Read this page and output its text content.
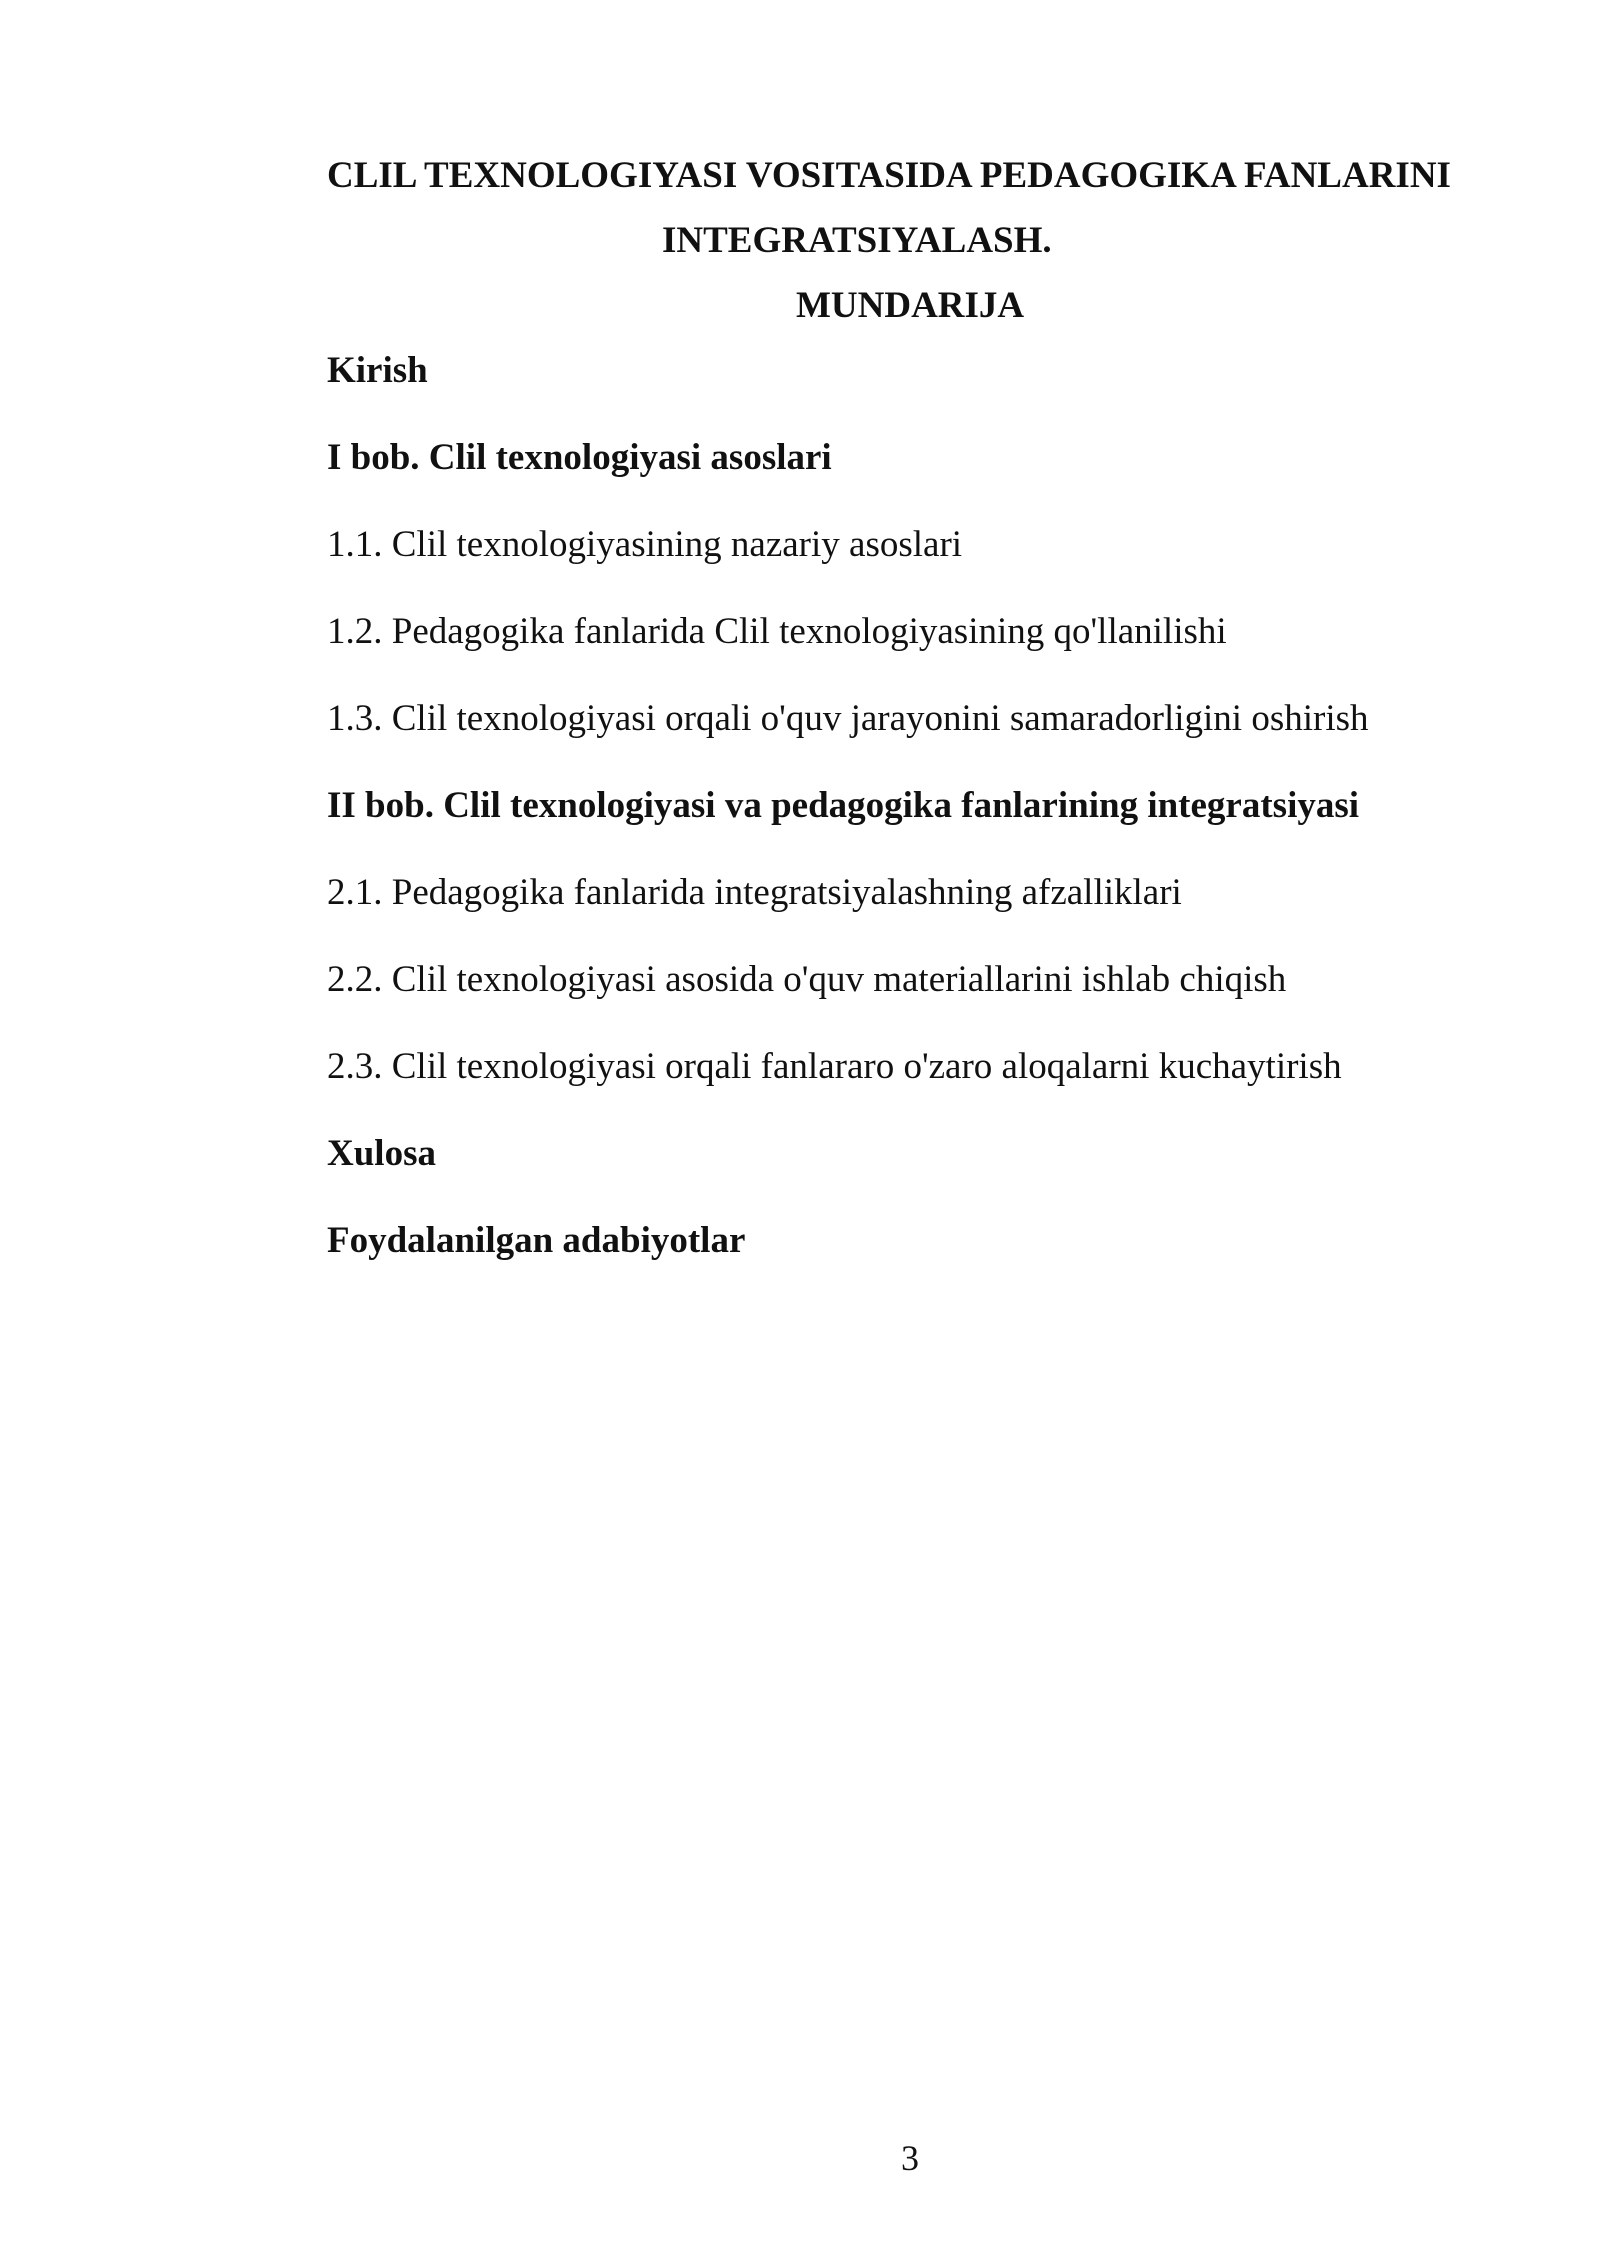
CLIL TEXNOLOGIYASI VOSITASIDA PEDAGOGIKA FANLARINI
INTEGRATSIYALASH.
MUNDARIJA
Kirish
I bob. Clil texnologiyasi asoslari
1.1. Clil texnologiyasining nazariy asoslari
1.2. Pedagogika fanlarida Clil texnologiyasining qo'llanilishi
1.3. Clil texnologiyasi orqali o'quv jarayonini samaradorligini oshirish
II bob. Clil texnologiyasi va pedagogika fanlarining integratsiyasi
2.1. Pedagogika fanlarida integratsiyalashning afzalliklari
2.2. Clil texnologiyasi asosida o'quv materiallarini ishlab chiqish
2.3. Clil texnologiyasi orqali fanlararo o'zaro aloqalarni kuchaytirish
Xulosa
Foydalanilgan adabiyotlar
3
